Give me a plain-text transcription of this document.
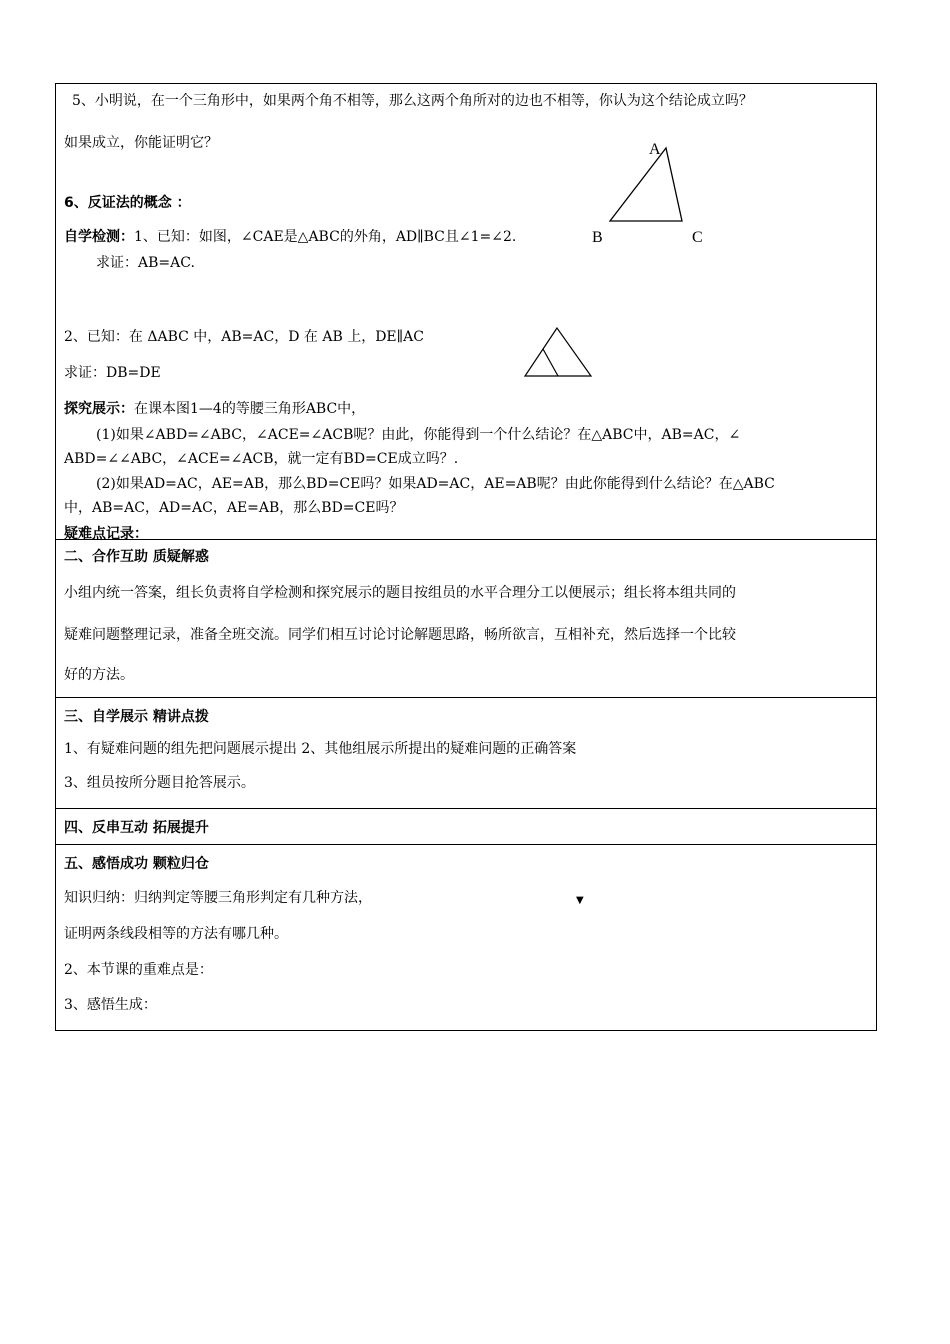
5、小明说，在一个三角形中，如果两个角不相等，那么这两个角所对的边也不相等，你认为这个结论成立吗？
如果成立，你能证明它？
6、反证法的概念 ：
A
B	C
自学检测：1、已知：如图，∠CAE是△ABC的外角，AD∥BC且∠1=∠2.
求证：AB=AC.
2、已知：在 ΔABC 中，AB=AC，D 在 AB 上，DE∥AC
求证：DB=DE
探究展示：在课本图1—4的等腰三角形ABC中，
(1)如果∠ABD=∠ABC，∠ACE=∠ACB呢？由此，你能得到一个什么结论？在△ABC中，AB=AC，∠
ABD=∠∠ABC，∠ACE=∠ACB，就一定有BD=CE成立吗？.
(2)如果AD=AC，AE=AB，那么BD=CE吗？如果AD=AC，AE=AB呢？由此你能得到什么结论？在△ABC
中，AB=AC，AD=AC，AE=AB，那么BD=CE吗？
疑难点记录：
二、合作互助 质疑解惑
小组内统一答案，组长负责将自学检测和探究展示的题目按组员的水平合理分工以便展示；组长将本组共同的
疑难问题整理记录，准备全班交流。同学们相互讨论讨论解题思路，畅所欲言，互相补充，然后选择一个比较
好的方法。
三、自学展示 精讲点拨
1、有疑难问题的组先把问题展示提出 2、其他组展示所提出的疑难问题的正确答案
3、组员按所分题目抢答展示。
四、反串互动 拓展提升
五、感悟成功 颗粒归仓
知识归纳：归纳判定等腰三角形判定有几种方法，	▼
证明两条线段相等的方法有哪几种。
2、本节课的重难点是：
3、感悟生成：
